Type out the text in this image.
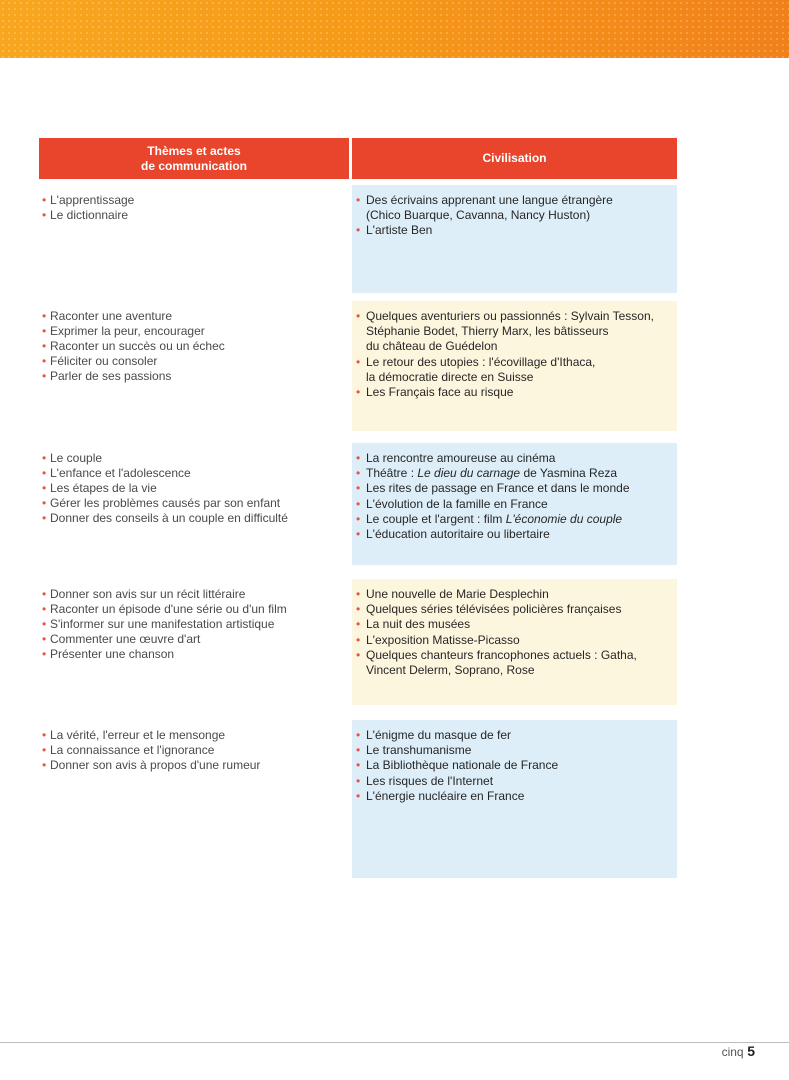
Thèmes et actes
de communication
Civilisation
• L'apprentissage
• Le dictionnaire
• Des écrivains apprenant une langue étrangère
(Chico Buarque, Cavanna, Nancy Huston)
• L'artiste Ben
• Raconter une aventure
• Exprimer la peur, encourager
• Raconter un succès ou un échec
• Féliciter ou consoler
• Parler de ses passions
• Quelques aventuriers ou passionnés : Sylvain Tesson,
Stéphanie Bodet, Thierry Marx, les bâtisseurs
du château de Guédelon
• Le retour des utopies : l'écovillage d'Ithaca,
la démocratie directe en Suisse
• Les Français face au risque
• Le couple
• L'enfance et l'adolescence
• Les étapes de la vie
• Gérer les problèmes causés par son enfant
• Donner des conseils à un couple en difficulté
• La rencontre amoureuse au cinéma
• Théâtre : Le dieu du carnage de Yasmina Reza
• Les rites de passage en France et dans le monde
• L'évolution de la famille en France
• Le couple et l'argent : film L'économie du couple
• L'éducation autoritaire ou libertaire
• Donner son avis sur un récit littéraire
• Raconter un épisode d'une série ou d'un film
• S'informer sur une manifestation artistique
• Commenter une œuvre d'art
• Présenter une chanson
• Une nouvelle de Marie Desplechin
• Quelques séries télévisées policières françaises
• La nuit des musées
• L'exposition Matisse-Picasso
• Quelques chanteurs francophones actuels : Gatha,
Vincent Delerm, Soprano, Rose
• La vérité, l'erreur et le mensonge
• La connaissance et l'ignorance
• Donner son avis à propos d'une rumeur
• L'énigme du masque de fer
• Le transhumanisme
• La Bibliothèque nationale de France
• Les risques de l'Internet
• L'énergie nucléaire en France
cinq 5
